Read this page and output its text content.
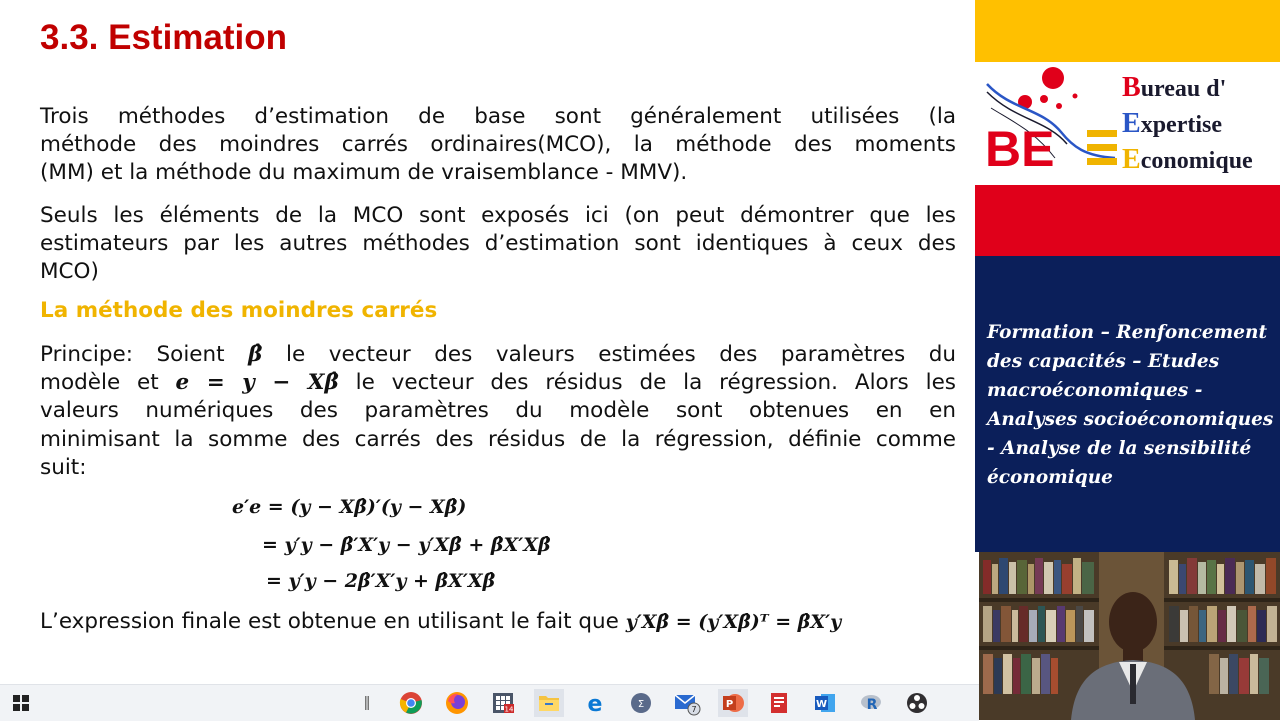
3.3. Estimation

Trois méthodes d’estimation de base sont généralement utilisées (la
méthode des moindres carrés ordinaires(MCO), la méthode des moments
(MM) et la méthode du maximum de vraisemblance - MMV).

Seuls les éléments de la MCO sont exposés ici (on peut démontrer que les
estimateurs par les autres méthodes d’estimation sont identiques à ceux des
MCO)

La méthode des moindres carrés

Principe: Soient β̂ le vecteur des valeurs estimées des paramètres du
modèle et e = y − Xβ̂ le vecteur des résidus de la régression. Alors les
valeurs numériques des paramètres du modèle sont obtenues en en
minimisant la somme des carrés des résidus de la régression, définie comme
suit:

e′e = (y − Xβ̂)′(y − Xβ̂)
= y′y − β̂′X′y − y′Xβ̂ + β̂X′Xβ̂
= y′y − 2β̂′X′y + β̂X′Xβ̂

L’expression finale est obtenue en utilisant le fait que y′Xβ̂ = (y′Xβ̂)ᵀ = β̂X′y

BE
Bureau d'
Expertise
Economique

Formation – Renfoncement
des capacités – Etudes
macroéconomiques -
Analyses socioéconomiques
- Analyse de la sensibilité
économique

14	e	Σ	7	P	W	R
